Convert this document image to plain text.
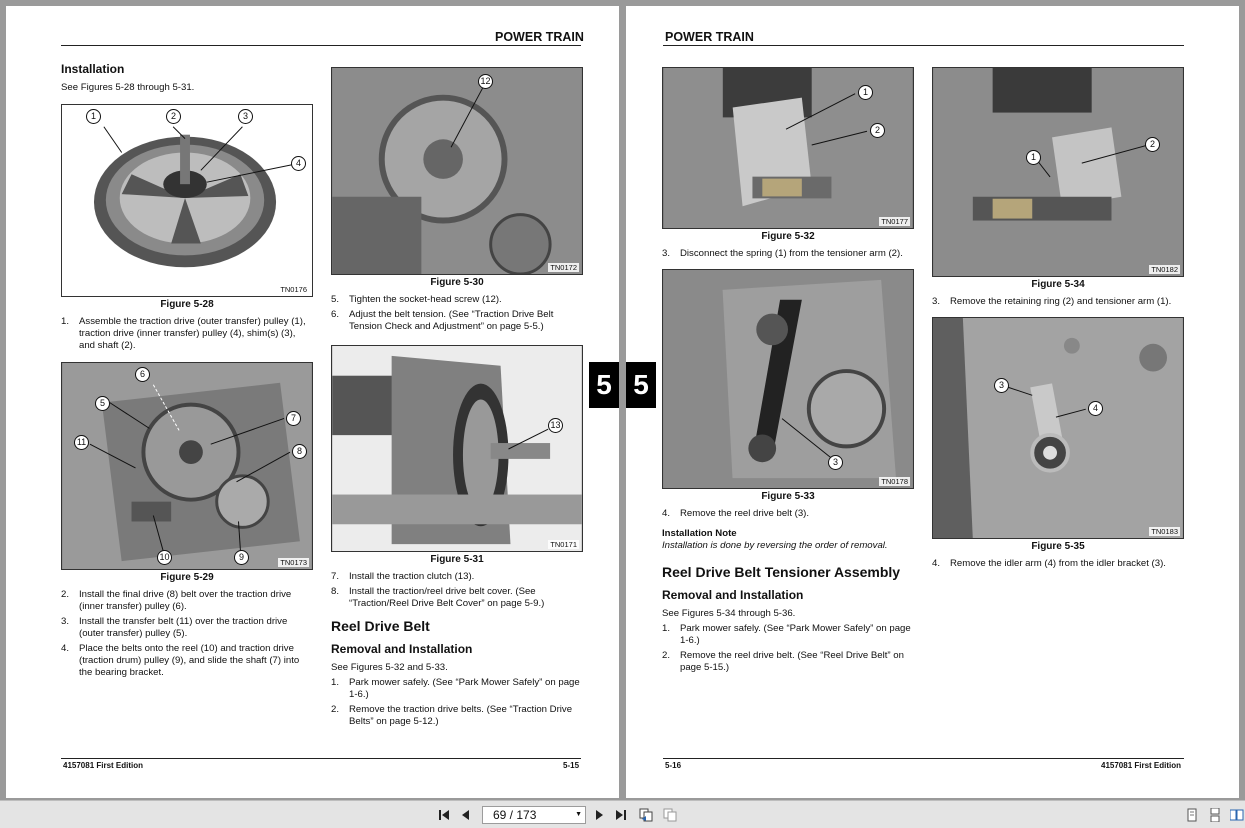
POWER TRAIN
Installation
See Figures 5-28 through 5-31.
1	2	3
4
TN0176
Figure 5-28
1. Assemble the traction drive (outer transfer) pulley (1), traction drive (inner transfer) pulley (4), shim(s) (3), and shaft (2).
6
5
7
11
8
10	9
TN0173
Figure 5-29
2. Install the final drive (8) belt over the traction drive (inner transfer) pulley (6).
3. Install the transfer belt (11) over the traction drive (outer transfer) pulley (5).
4. Place the belts onto the reel (10) and traction drive (traction drum) pulley (9), and slide the shaft (7) into the bearing bracket.
12
TN0172
Figure 5-30
5. Tighten the socket-head screw (12).
6. Adjust the belt tension. (See “Traction Drive Belt Tension Check and Adjustment” on page 5-5.)
13
TN0171
Figure 5-31
7. Install the traction clutch (13).
8. Install the traction/reel drive belt cover. (See “Traction/Reel Drive Belt Cover” on page 5-9.)
Reel Drive Belt
Removal and Installation
See Figures 5-32 and 5-33.
1. Park mower safely. (See “Park Mower Safely” on page 1-6.)
2. Remove the traction drive belts. (See “Traction Drive Belts” on page 5-12.)
4157081 First Edition	5-15
5 5
POWER TRAIN
1
2
TN0177
Figure 5-32
3. Disconnect the spring (1) from the tensioner arm (2).
3
TN0178
Figure 5-33
4. Remove the reel drive belt (3).
Installation Note
Installation is done by reversing the order of removal.
Reel Drive Belt Tensioner Assembly
Removal and Installation
See Figures 5-34 through 5-36.
1. Park mower safely. (See “Park Mower Safely” on page 1-6.)
2. Remove the reel drive belt. (See “Reel Drive Belt” on page 5-15.)
2
1
TN0182
Figure 5-34
3. Remove the retaining ring (2) and tensioner arm (1).
3
4
TN0183
Figure 5-35
4. Remove the idler arm (4) from the idler bracket (3).
5-16	4157081 First Edition
69 / 173	▼
